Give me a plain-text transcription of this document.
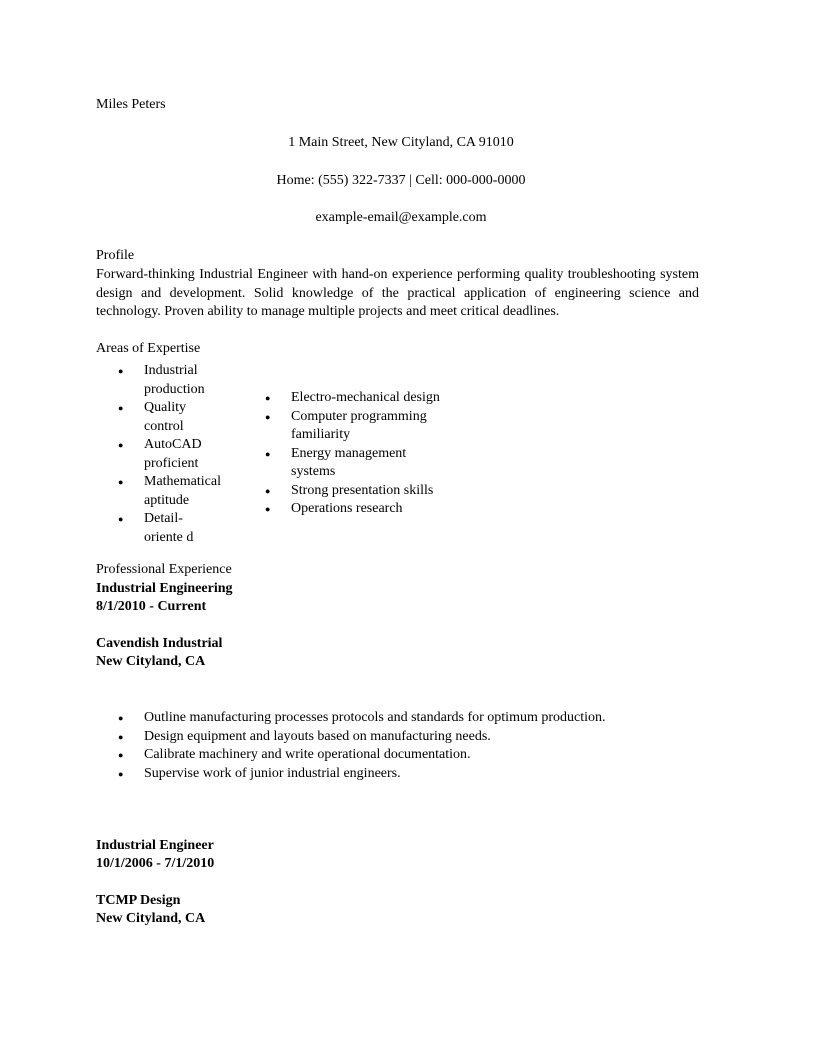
Miles Peters
1 Main Street, New Cityland, CA 91010
Home: (555) 322-7337 | Cell: 000-000-0000
example-email@example.com
Profile
Forward-thinking Industrial Engineer with hand-on experience performing quality troubleshooting system design and development. Solid knowledge of the practical application of engineering science and technology. Proven ability to manage multiple projects and meet critical deadlines.
Areas of Expertise
● Industrial production
● Quality control
● AutoCAD proficient
● Mathematical aptitude
● Detail-oriente d
● Electro-mechanical design
● Computer programming familiarity
● Energy management systems
● Strong presentation skills
● Operations research
Professional Experience
Industrial Engineering
8/1/2010 - Current
Cavendish Industrial
New Cityland, CA
● Outline manufacturing processes protocols and standards for optimum production.
● Design equipment and layouts based on manufacturing needs.
● Calibrate machinery and write operational documentation.
● Supervise work of junior industrial engineers.
Industrial Engineer
10/1/2006 - 7/1/2010
TCMP Design
New Cityland, CA
